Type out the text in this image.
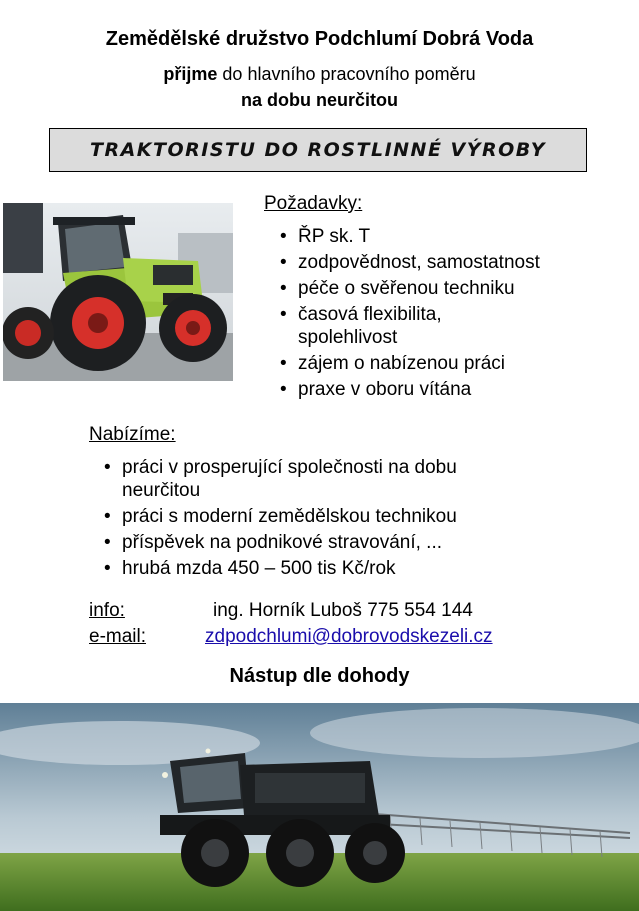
Zemědělské družstvo Podchlumí Dobrá Voda
přijme do hlavního pracovního poměru
na dobu neurčitou
TRAKTORISTU DO ROSTLINNÉ VÝROBY
Požadavky:
• ŘP sk. T
• zodpovědnost, samostatnost
• péče o svěřenou techniku
• časová flexibilita, spolehlivost
• zájem o nabízenou práci
• praxe v oboru vítána
Nabízíme:
• práci v prosperující společnosti na dobu neurčitou
• práci s moderní zemědělskou technikou
• příspěvek na podnikové stravování, ...
• hrubá mzda 450 – 500 tis Kč/rok
info:	ing. Horník Luboš 775 554 144
e-mail:	zdpodchlumi@dobrovodskezeli.cz
Nástup dle dohody
